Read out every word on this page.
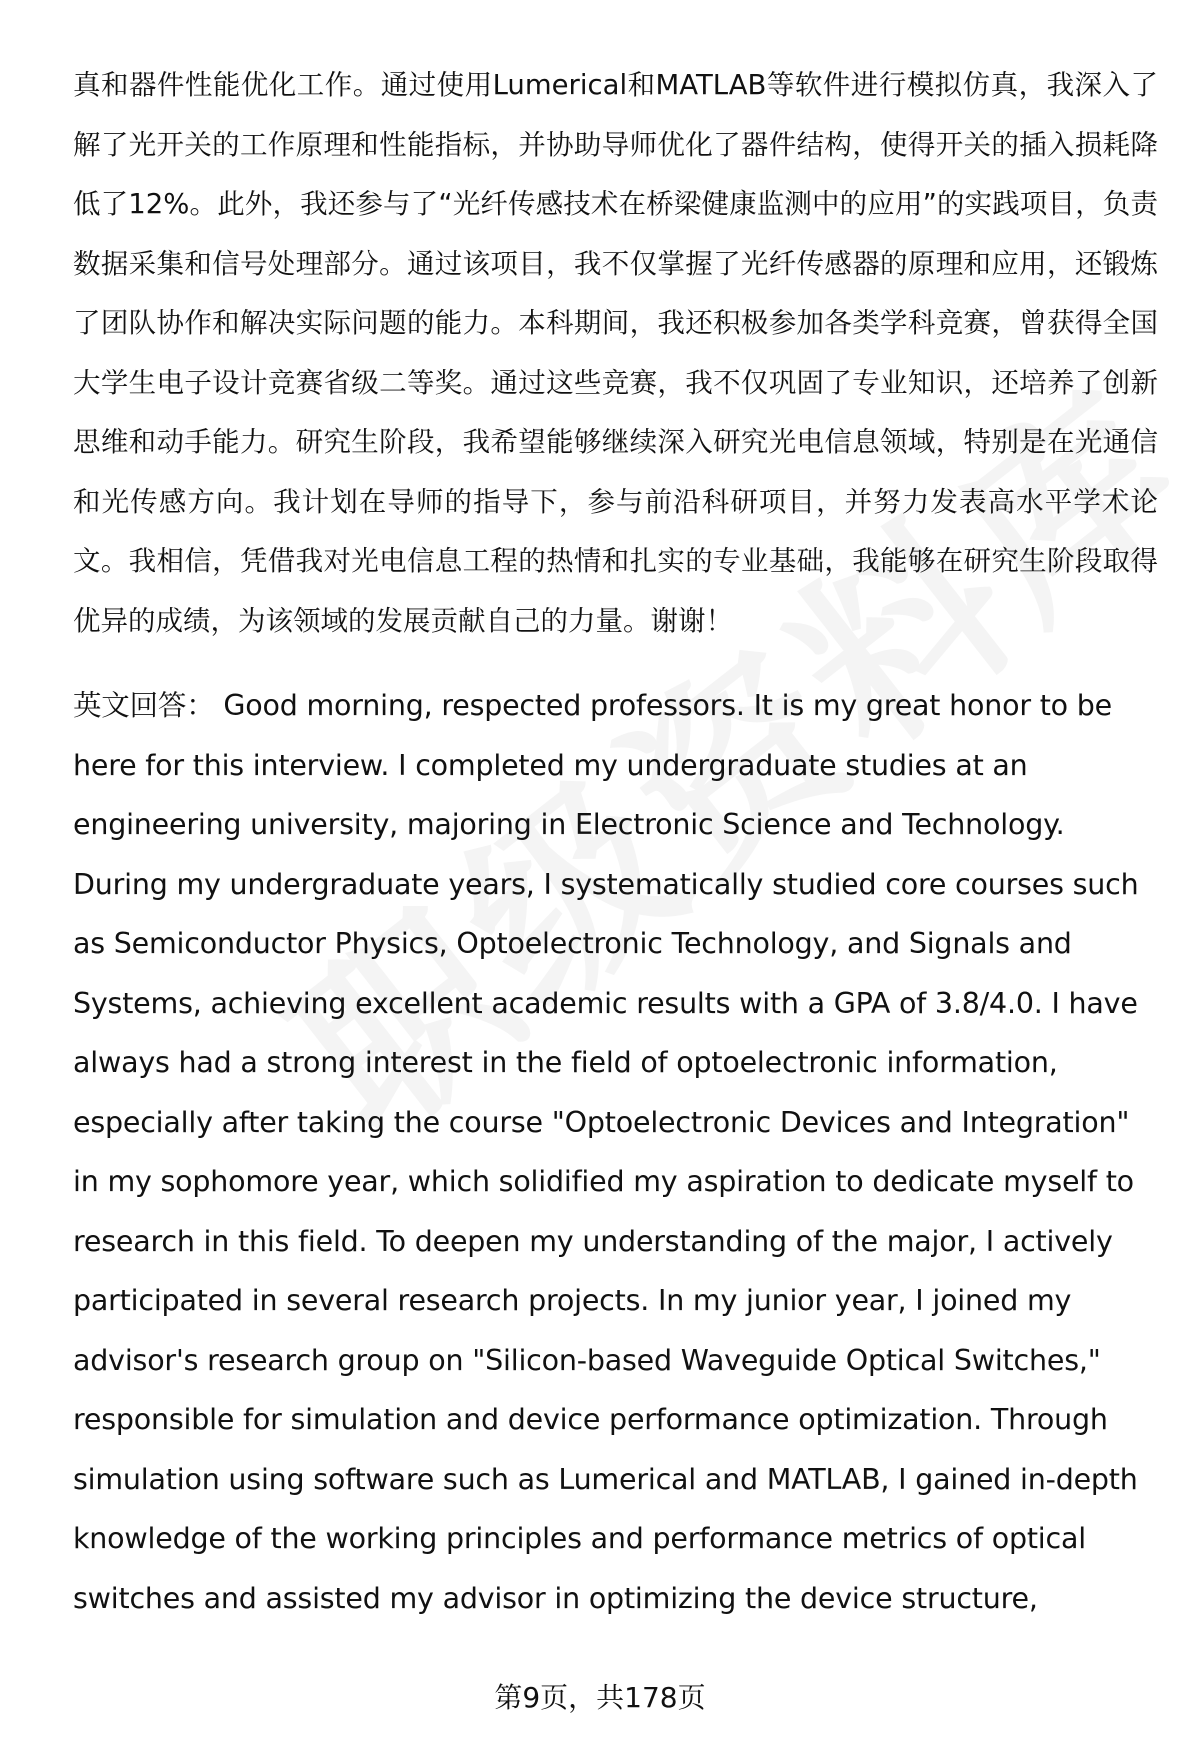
真和器件性能优化工作。通过使用Lumerical和MATLAB等软件进行模拟仿真，我深入了解了光开关的工作原理和性能指标，并协助导师优化了器件结构，使得开关的插入损耗降低了12%。此外，我还参与了“光纤传感技术在桥梁健康监测中的应用”的实践项目，负责数据采集和信号处理部分。通过该项目，我不仅掌握了光纤传感器的原理和应用，还锻炼了团队协作和解决实际问题的能力。本科期间，我还积极参加各类学科竞赛，曾获得全国大学生电子设计竞赛省级二等奖。通过这些竞赛，我不仅巩固了专业知识，还培养了创新思维和动手能力。研究生阶段，我希望能够继续深入研究光电信息领域，特别是在光通信和光传感方向。我计划在导师的指导下，参与前沿科研项目，并努力发表高水平学术论文。我相信，凭借我对光电信息工程的热情和扎实的专业基础，我能够在研究生阶段取得优异的成绩，为该领域的发展贡献自己的力量。谢谢！

英文回答： Good morning, respected professors. It is my great honor to be here for this interview. I completed my undergraduate studies at an engineering university, majoring in Electronic Science and Technology. During my undergraduate years, I systematically studied core courses such as Semiconductor Physics, Optoelectronic Technology, and Signals and Systems, achieving excellent academic results with a GPA of 3.8/4.0. I have always had a strong interest in the field of optoelectronic information, especially after taking the course "Optoelectronic Devices and Integration" in my sophomore year, which solidified my aspiration to dedicate myself to research in this field. To deepen my understanding of the major, I actively participated in several research projects. In my junior year, I joined my advisor's research group on "Silicon-based Waveguide Optical Switches," responsible for simulation and device performance optimization. Through simulation using software such as Lumerical and MATLAB, I gained in-depth knowledge of the working principles and performance metrics of optical switches and assisted my advisor in optimizing the device structure,

第9页，共178页
